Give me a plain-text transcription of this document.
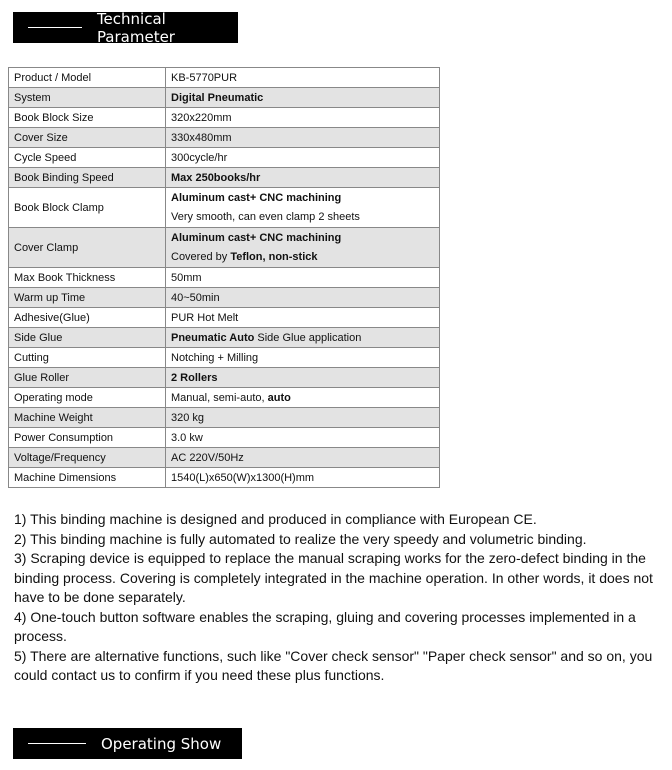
Technical Parameter
Product / Model	KB-5770PUR
System	Digital Pneumatic
Book Block Size	320x220mm
Cover Size	330x480mm
Cycle Speed	300cycle/hr
Book Binding Speed	Max 250books/hr
Book Block Clamp	Aluminum cast+ CNC machining
Very smooth, can even clamp 2 sheets

Cover Clamp	Aluminum cast+ CNC machining
Covered by Teflon, non-stick

Max Book Thickness	50mm
Warm up Time	40~50min
Adhesive(Glue)	PUR Hot Melt
Side Glue	Pneumatic Auto Side Glue application
Cutting	Notching + Milling
Glue Roller	2 Rollers
Operating mode	Manual, semi-auto, auto
Machine Weight	320 kg
Power Consumption	3.0 kw
Voltage/Frequency	AC 220V/50Hz
Machine Dimensions	1540(L)x650(W)x1300(H)mm

1) This binding machine is designed and produced in compliance with European CE.

2) This binding machine is fully automated to realize the very speedy and volumetric binding.

3) Scraping device is equipped to replace the manual scraping works for the zero-defect binding in the binding process. Covering is completely integrated in the machine operation. In other words, it does not have to be done separately.

4) One-touch button software enables the scraping, gluing and covering processes implemented in a process.

5) There are alternative functions, such like "Cover check sensor" "Paper check sensor" and so on, you could contact us to confirm if you need these plus functions.

Operating Show
